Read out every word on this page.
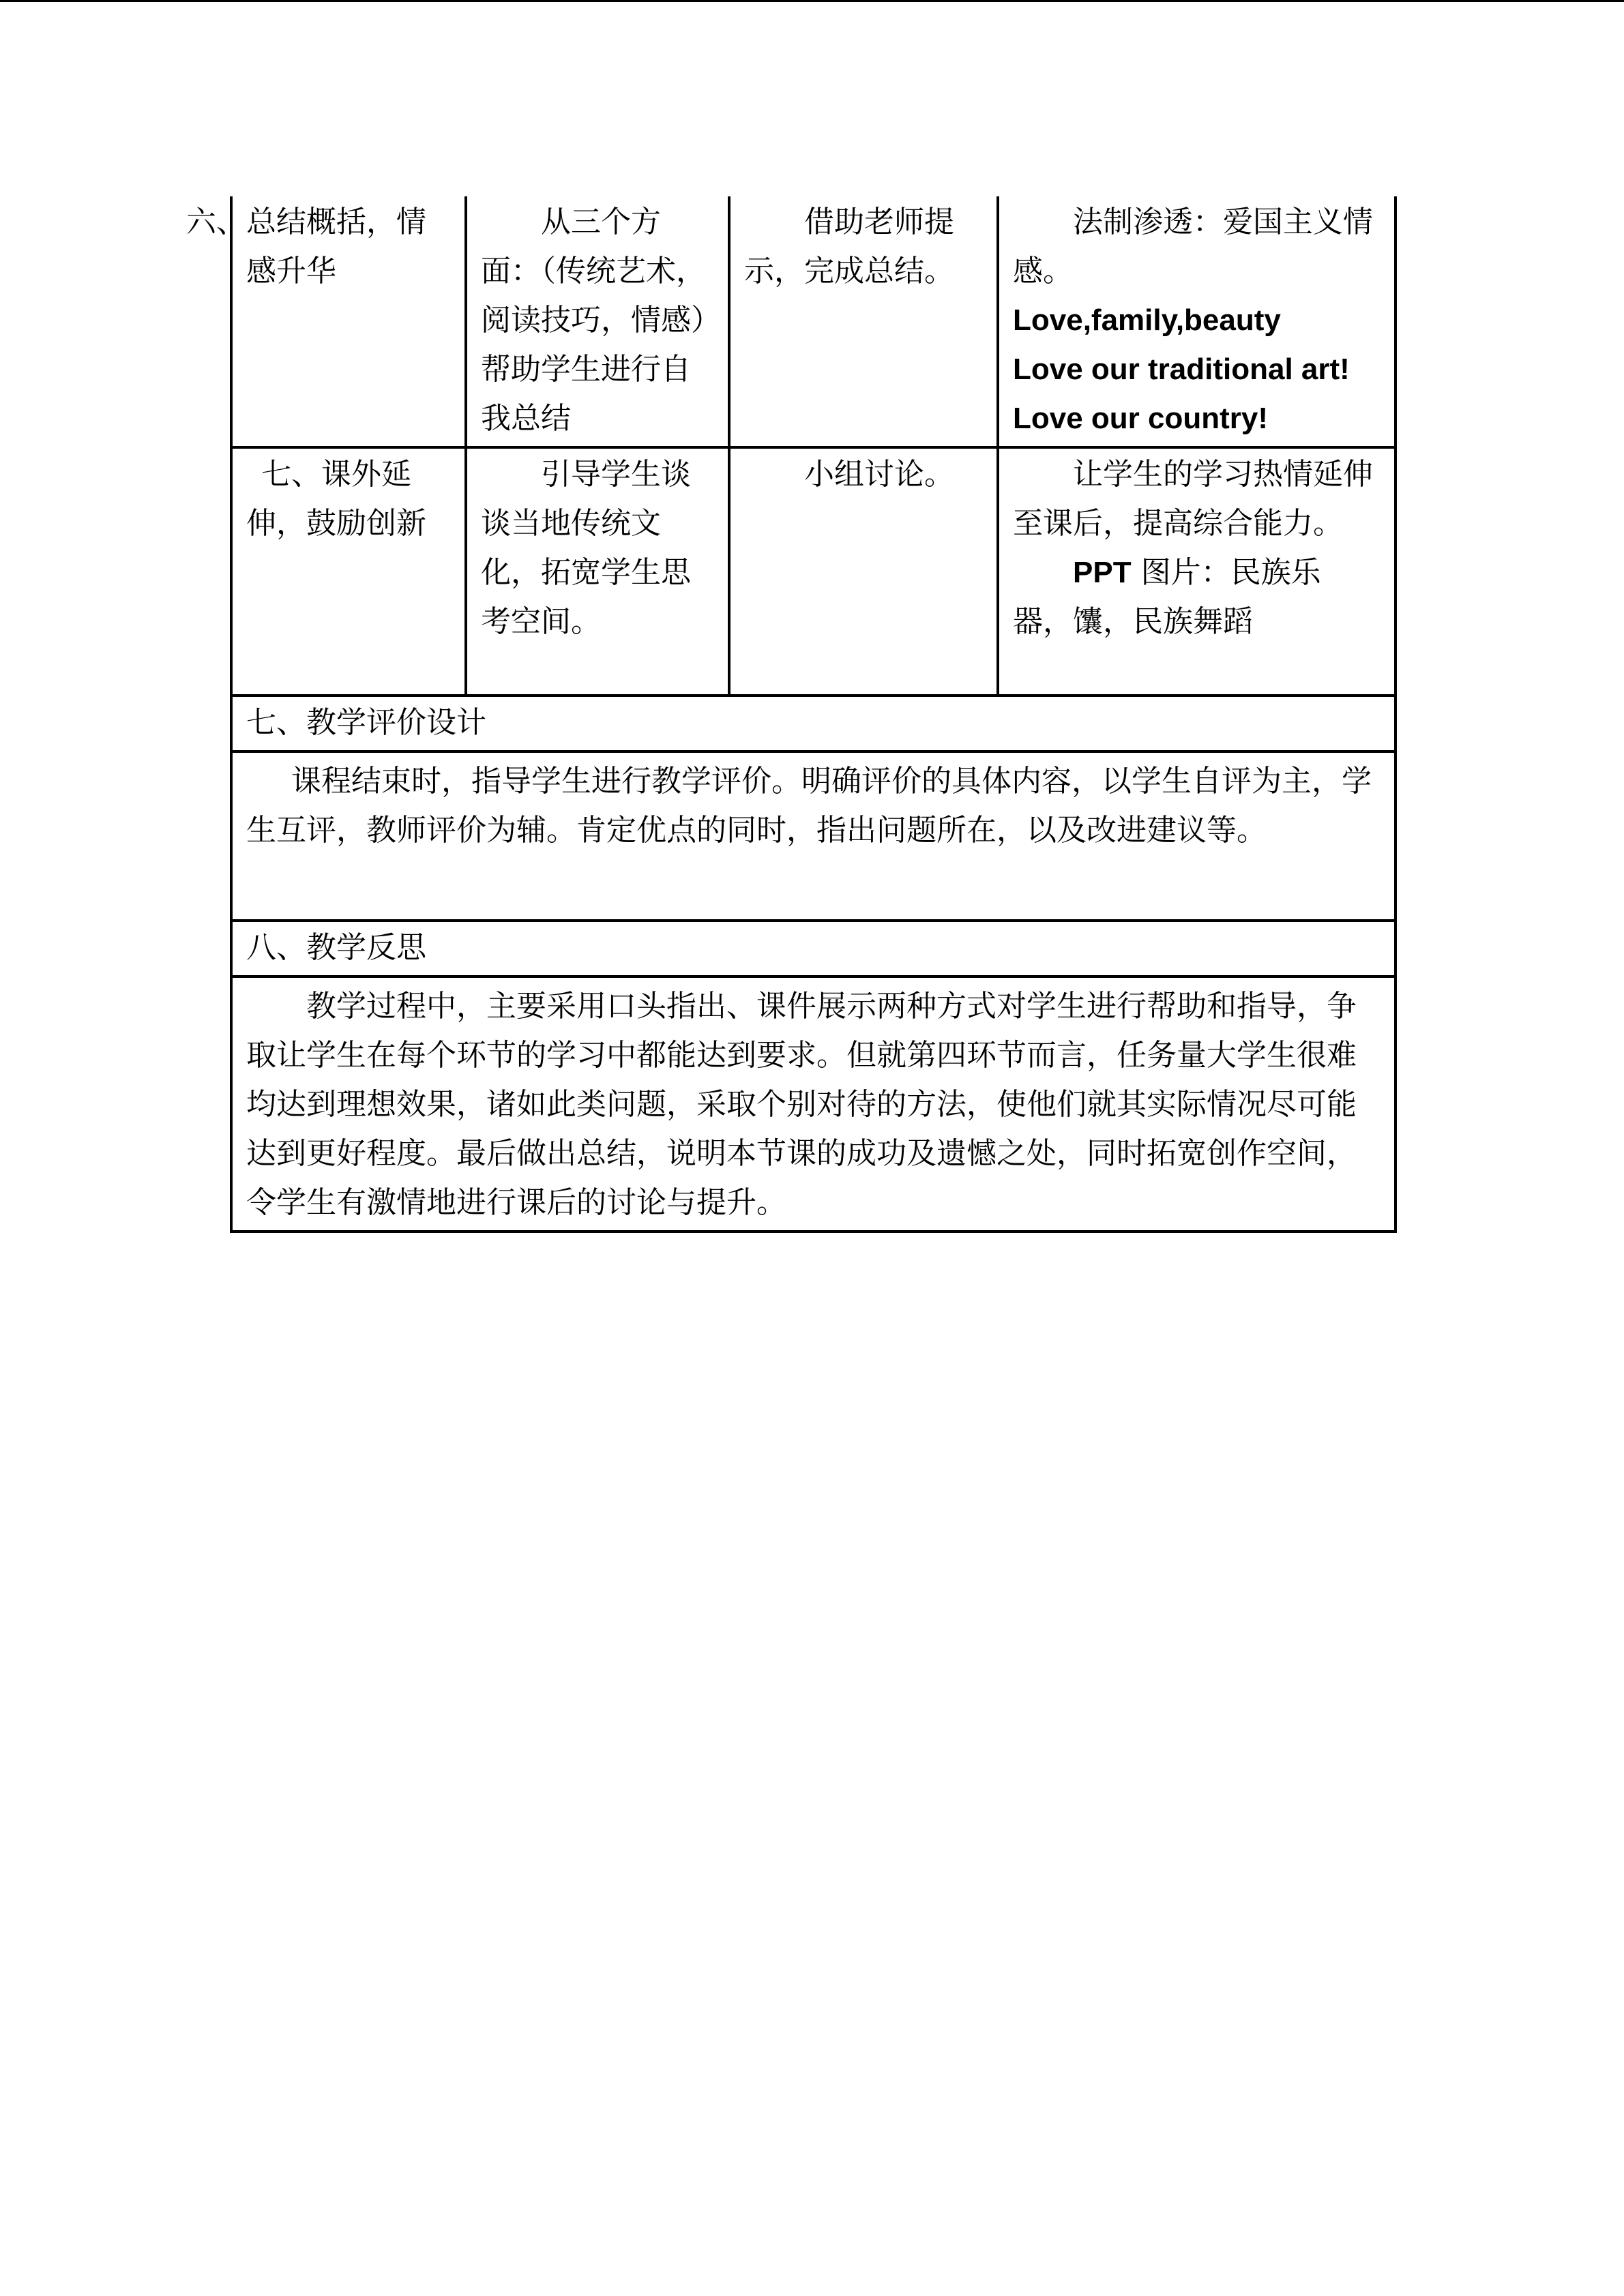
六、总结概括，情感升华	从三个方面：（传统艺术，阅读技巧，情感）帮助学生进行自我总结	借助老师提示，完成总结。	法制渗透：爱国主义情感。
Love,family,beauty
Love our traditional art!
Love our country!

七、课外延伸，鼓励创新	引导学生谈谈当地传统文化，拓宽学生思考空间。	小组讨论。	让学生的学习热情延伸至课后，提高综合能力。
PPT 图片：民族乐器，馕，民族舞蹈

七、教学评价设计			
课程结束时，指导学生进行教学评价。明确评价的具体内容，以学生自评为主，学生互评，教师评价为辅。肯定优点的同时，指出问题所在，以及改进建议等。			
八、教学反思			
教学过程中，主要采用口头指出、课件展示两种方式对学生进行帮助和指导，争取让学生在每个环节的学习中都能达到要求。但就第四环节而言，任务量大学生很难均达到理想效果，诸如此类问题，采取个别对待的方法，使他们就其实际情况尽可能达到更好程度。最后做出总结，说明本节课的成功及遗憾之处，同时拓宽创作空间，令学生有激情地进行课后的讨论与提升。			
